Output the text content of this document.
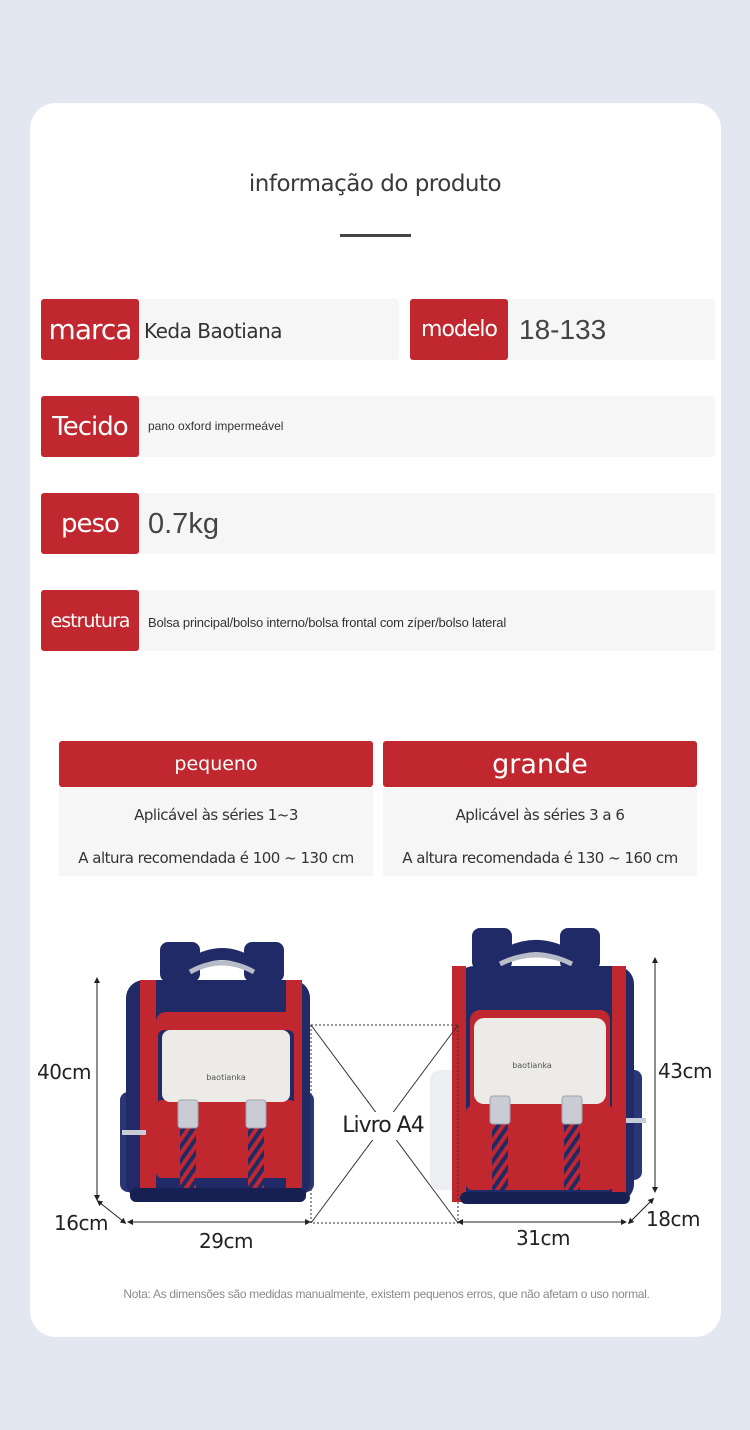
informação do produto
marca Keda Baotiana	modelo 18-133
Tecido	pano oxford impermeável
peso	0.7kg
estrutura	Bolsa principal/bolso interno/bolsa frontal com zíper/bolso lateral
pequeno
Aplicável às séries 1~3
A altura recomendada é 100 ~ 130 cm
grande
Aplicável às séries 3 a 6
A altura recomendada é 130 ~ 160 cm
baotianka
baotianka
Livro A4
40cm
16cm
29cm
43cm
18cm
31cm
Nota: As dimensões são medidas manualmente, existem pequenos erros, que não afetam o uso normal.
